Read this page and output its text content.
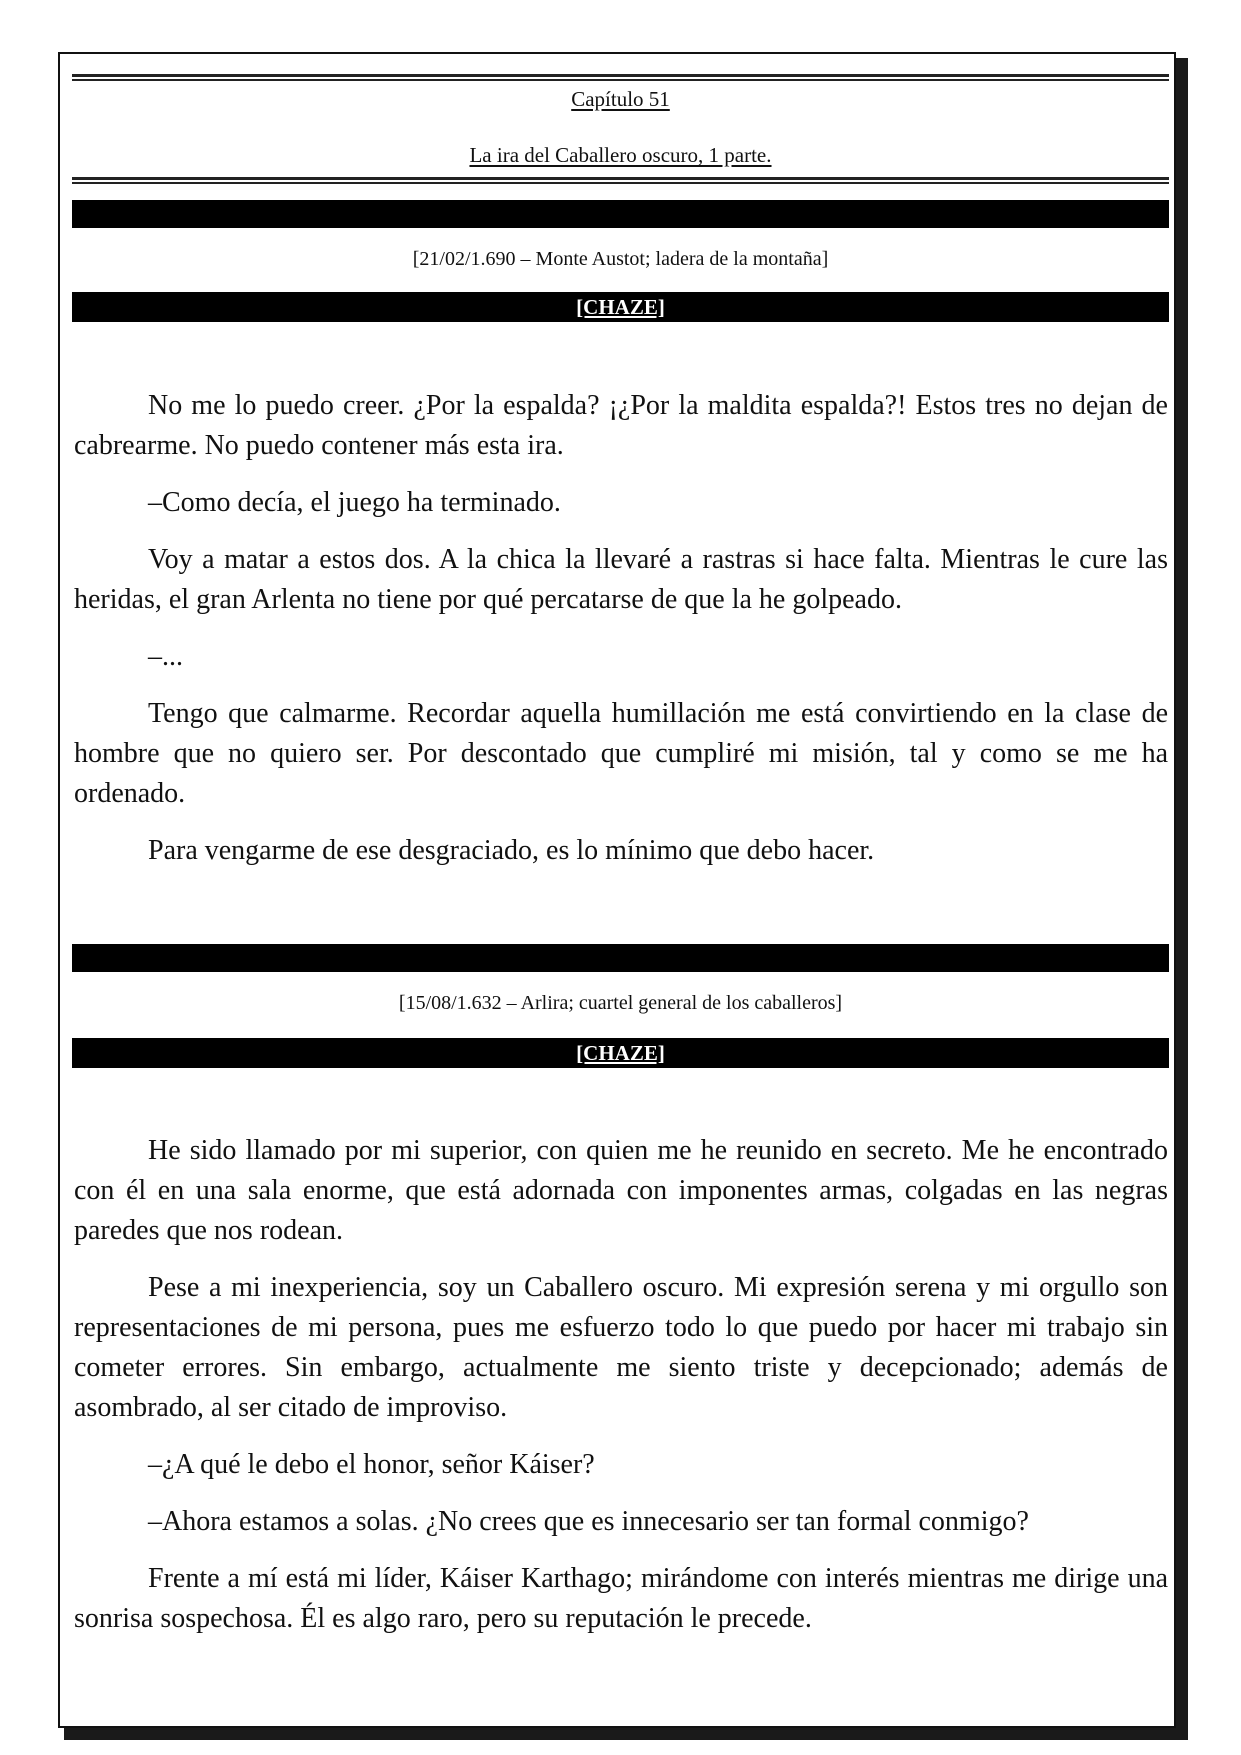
Capítulo 51
La ira del Caballero oscuro, 1 parte.
[21/02/1.690 – Monte Austot; ladera de la montaña]
[CHAZE]

No me lo puedo creer. ¿Por la espalda? ¡¿Por la maldita espalda?! Estos tres no dejan de cabrearme. No puedo contener más esta ira.

–Como decía, el juego ha terminado.

Voy a matar a estos dos. A la chica la llevaré a rastras si hace falta. Mientras le cure las heridas, el gran Arlenta no tiene por qué percatarse de que la he golpeado.

–...

Tengo que calmarme. Recordar aquella humillación me está convirtiendo en la clase de hombre que no quiero ser. Por descontado que cumpliré mi misión, tal y como se me ha ordenado.

Para vengarme de ese desgraciado, es lo mínimo que debo hacer.

[15/08/1.632 – Arlira; cuartel general de los caballeros]
[CHAZE]

He sido llamado por mi superior, con quien me he reunido en secreto. Me he encontrado con él en una sala enorme, que está adornada con imponentes armas, colgadas en las negras paredes que nos rodean.

Pese a mi inexperiencia, soy un Caballero oscuro. Mi expresión serena y mi orgullo son representaciones de mi persona, pues me esfuerzo todo lo que puedo por hacer mi trabajo sin cometer errores. Sin embargo, actualmente me siento triste y decepcionado; además de asombrado, al ser citado de improviso.

–¿A qué le debo el honor, señor Káiser?

–Ahora estamos a solas. ¿No crees que es innecesario ser tan formal conmigo?

Frente a mí está mi líder, Káiser Karthago; mirándome con interés mientras me dirige una sonrisa sospechosa. Él es algo raro, pero su reputación le precede.
